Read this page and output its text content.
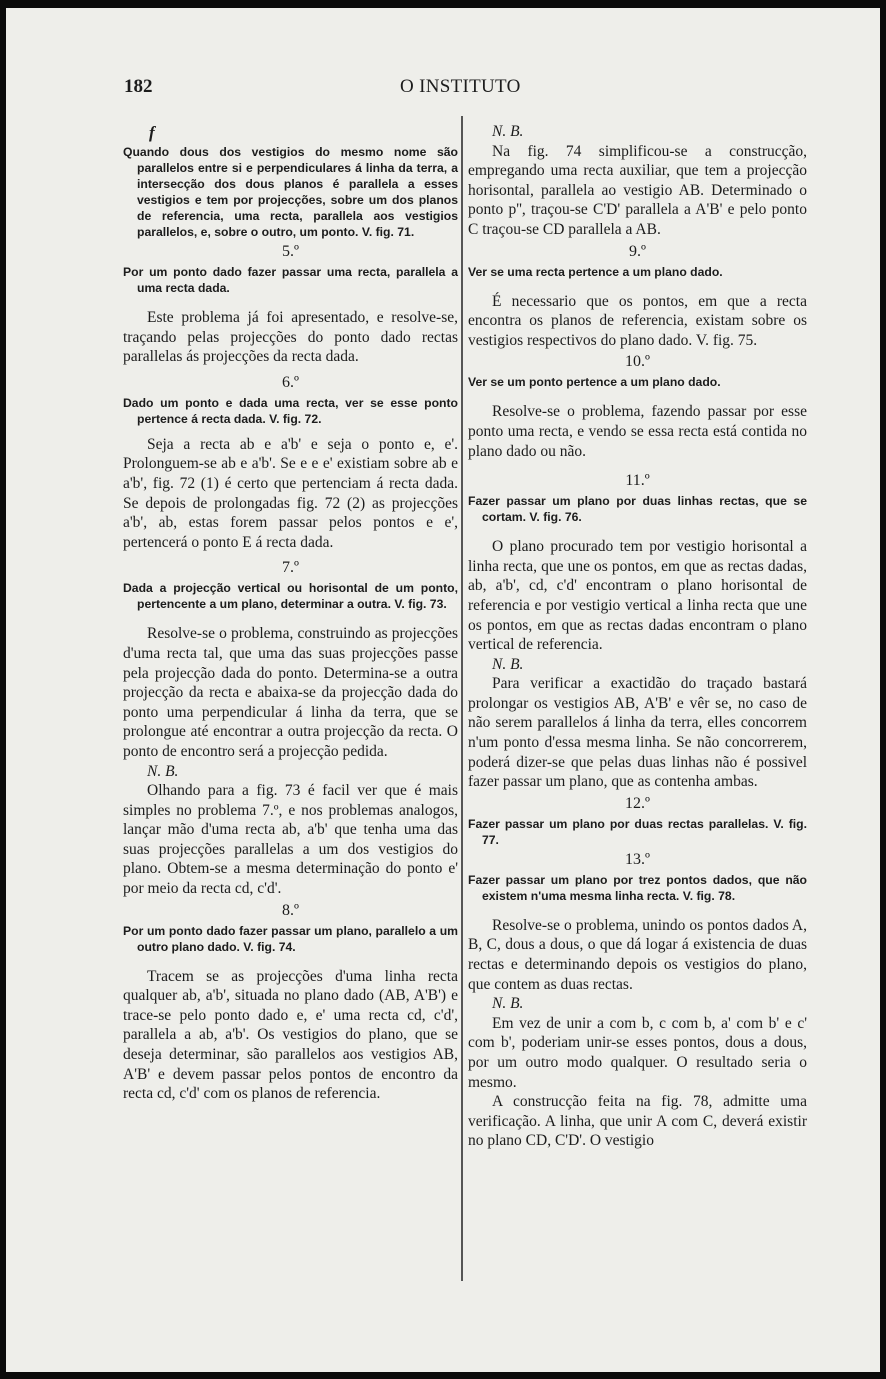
182	O INSTITUTO

f

Quando dous dos vestigios do mesmo nome são parallelos entre si e perpendiculares á linha da terra, a intersecção dos dous planos é parallela a esses vestigios e tem por projecções, sobre um dos planos de referencia, uma recta, parallela aos vestigios parallelos, e, sobre o outro, um ponto. V. fig. 71.

5.º

Por um ponto dado fazer passar uma recta, parallela a uma recta dada.

Este problema já foi apresentado, e resolve-se, traçando pelas projecções do ponto dado rectas parallelas ás projecções da recta dada.

6.º

Dado um ponto e dada uma recta, ver se esse ponto pertence á recta dada. V. fig. 72.

Seja a recta ab e a'b' e seja o ponto e, e'. Prolonguem-se ab e a'b'. Se e e e' existiam sobre ab e a'b', fig. 72 (1) é certo que pertenciam á recta dada. Se depois de prolongadas fig. 72 (2) as projecções a'b', ab, estas forem passar pelos pontos e e', pertencerá o ponto E á recta dada.

7.º

Dada a projecção vertical ou horisontal de um ponto, pertencente a um plano, determinar a outra. V. fig. 73.

Resolve-se o problema, construindo as projecções d'uma recta tal, que uma das suas projecções passe pela projecção dada do ponto. Determina-se a outra projecção da recta e abaixa-se da projecção dada do ponto uma perpendicular á linha da terra, que se prolongue até encontrar a outra projecção da recta. O ponto de encontro será a projecção pedida.

N. B.

Olhando para a fig. 73 é facil ver que é mais simples no problema 7.º, e nos problemas analogos, lançar mão d'uma recta ab, a'b' que tenha uma das suas projecções parallelas a um dos vestigios do plano. Obtem-se a mesma determinação do ponto e' por meio da recta cd, c'd'.

8.º

Por um ponto dado fazer passar um plano, parallelo a um outro plano dado. V. fig. 74.

Tracem se as projecções d'uma linha recta qualquer ab, a'b', situada no plano dado (AB, A'B') e trace-se pelo ponto dado e, e' uma recta cd, c'd', parallela a ab, a'b'. Os vestigios do plano, que se deseja determinar, são parallelos aos vestigios AB, A'B' e devem passar pelos pontos de encontro da recta cd, c'd' com os planos de referencia.

N. B.

Na fig. 74 simplificou-se a construcção, empregando uma recta auxiliar, que tem a projecção horisontal, parallela ao vestigio AB. Determinado o ponto p'', traçou-se C'D' parallela a A'B' e pelo ponto C traçou-se CD parallela a AB.

9.º

Ver se uma recta pertence a um plano dado.

É necessario que os pontos, em que a recta encontra os planos de referencia, existam sobre os vestigios respectivos do plano dado. V. fig. 75.

10.º

Ver se um ponto pertence a um plano dado.

Resolve-se o problema, fazendo passar por esse ponto uma recta, e vendo se essa recta está contida no plano dado ou não.

11.º

Fazer passar um plano por duas linhas rectas, que se cortam. V. fig. 76.

O plano procurado tem por vestigio horisontal a linha recta, que une os pontos, em que as rectas dadas, ab, a'b', cd, c'd' encontram o plano horisontal de referencia e por vestigio vertical a linha recta que une os pontos, em que as rectas dadas encontram o plano vertical de referencia.

N. B.

Para verificar a exactidão do traçado bastará prolongar os vestigios AB, A'B' e vêr se, no caso de não serem parallelos á linha da terra, elles concorrem n'um ponto d'essa mesma linha. Se não concorrerem, poderá dizer-se que pelas duas linhas não é possivel fazer passar um plano, que as contenha ambas.

12.º

Fazer passar um plano por duas rectas parallelas. V. fig. 77.

13.º

Fazer passar um plano por trez pontos dados, que não existem n'uma mesma linha recta. V. fig. 78.

Resolve-se o problema, unindo os pontos dados A, B, C, dous a dous, o que dá logar á existencia de duas rectas e determinando depois os vestigios do plano, que contem as duas rectas.

N. B.

Em vez de unir a com b, c com b, a' com b' e c' com b', poderiam unir-se esses pontos, dous a dous, por um outro modo qualquer. O resultado seria o mesmo.

A construcção feita na fig. 78, admitte uma verificação. A linha, que unir A com C, deverá existir no plano CD, C'D'. O vestigio
